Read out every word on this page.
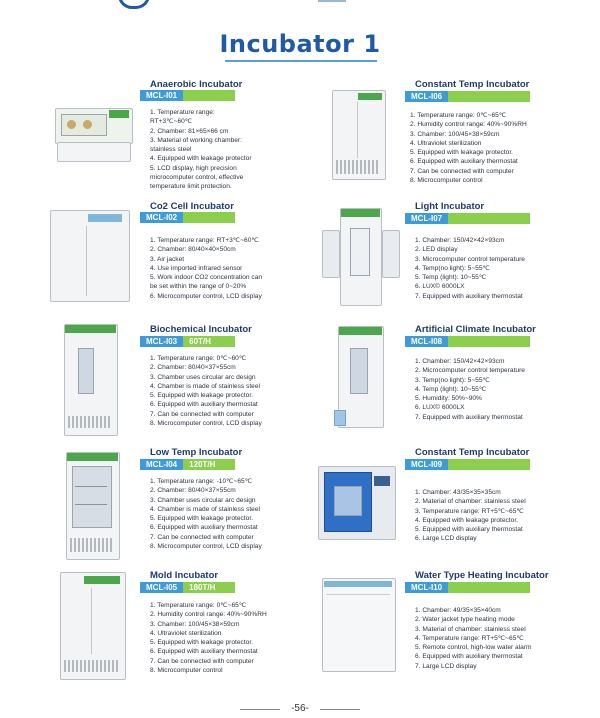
Incubator 1
Anaerobic Incubator
MCL-I01
1. Temperature range:
RT+3℃~60℃
2. Chamber: 81×65×66 cm
3. Material of working chamber:
stainless steel
4. Equipped with leakage protector
5. LCD display, high precision
microcomputer control, effective
temperature limit protection.
Co2 Cell Incubator
MCL-I02
1. Temperature range: RT+3℃~60℃
2. Chamber: 80/40×40×50cm
3. Air jacket
4. Use imported infrared sensor
5. Work indoor CO2 concentration can
be set within the range of 0~20%
6. Microcomputer control, LCD display
Biochemical Incubator
MCL-I03	60T/H
1. Temperature range: 0℃~60℃
2. Chamber: 80/40×37×55cm
3. Chamber uses circular arc design
4. Chamber is made of stainless steel
5. Equipped with leakage protector.
6. Equipped with auxiliary thermostat
7. Can be connected with computer
8. Microcomputer control, LCD display
Low Temp Incubator
MCL-I04	120T/H
1. Temperature range: -10℃~65℃
2. Chamber: 80/40×37×55cm
3. Chamber uses circular arc design
4. Chamber is made of stainless steel
5. Equipped with leakage protector.
6. Equipped with auxiliary thermostat
7. Can be connected with computer
8. Microcomputer control, LCD display
Mold Incubator
MCL-I05	180T/H
1. Temperature range: 0℃~65℃
2. Humidity control range: 40%~90%RH
3. Chamber: 100/45×38×59cm
4. Ultraviolet sterilization
5. Equipped with leakage protector.
6. Equipped with auxiliary thermostat
7. Can be connected with computer
8. Microcomputer control
Constant Temp Incubator
MCL-I06
1. Temperature range: 0℃~65℃
2. Humidity control range: 40%~90%RH
3. Chamber: 100/45×38×59cm
4. Ultraviolet sterilization
5. Equipped with leakage protector.
6. Equipped with auxiliary thermostat
7. Can be connected with computer
8. Microcomputer control
Light Incubator
MCL-I07
1. Chamber: 150/42×42×93cm
2. LED display
3. Microcomputer control temperature
4. Temp(no light): 5~55℃
5. Temp (light): 10~55℃
6. LUX© 6000LX
7. Equipped with auxiliary thermostat
Artificial Climate Incubator
MCL-I08
1. Chamber: 150/42×42×93cm
2. Microcomputer control temperature
3. Temp(no light): 5~55℃
4. Temp (light): 10~55℃
5. Humidity: 50%~90%
6. LUX© 6000LX
7. Equipped with auxiliary thermostat
Constant Temp Incubator
MCL-I09
1. Chamber: 43/35×35×35cm
2. Material of chamber: stainless steel
3. Temperature range: RT+5℃~65℃
4. Equipped with leakage protector.
5. Equipped with auxiliary thermostat
6. Large LCD display
Water Type Heating Incubator
MCL-I10
1. Chamber: 49/35×35×40cm
2. Water jacket type heating mode
3. Material of chamber: stainless steel
4. Temperature range: RT+5℃~65℃
5. Remote control, high-low water alarm
6. Equipped with auxiliary thermostat
7. Large LCD display
-56-
